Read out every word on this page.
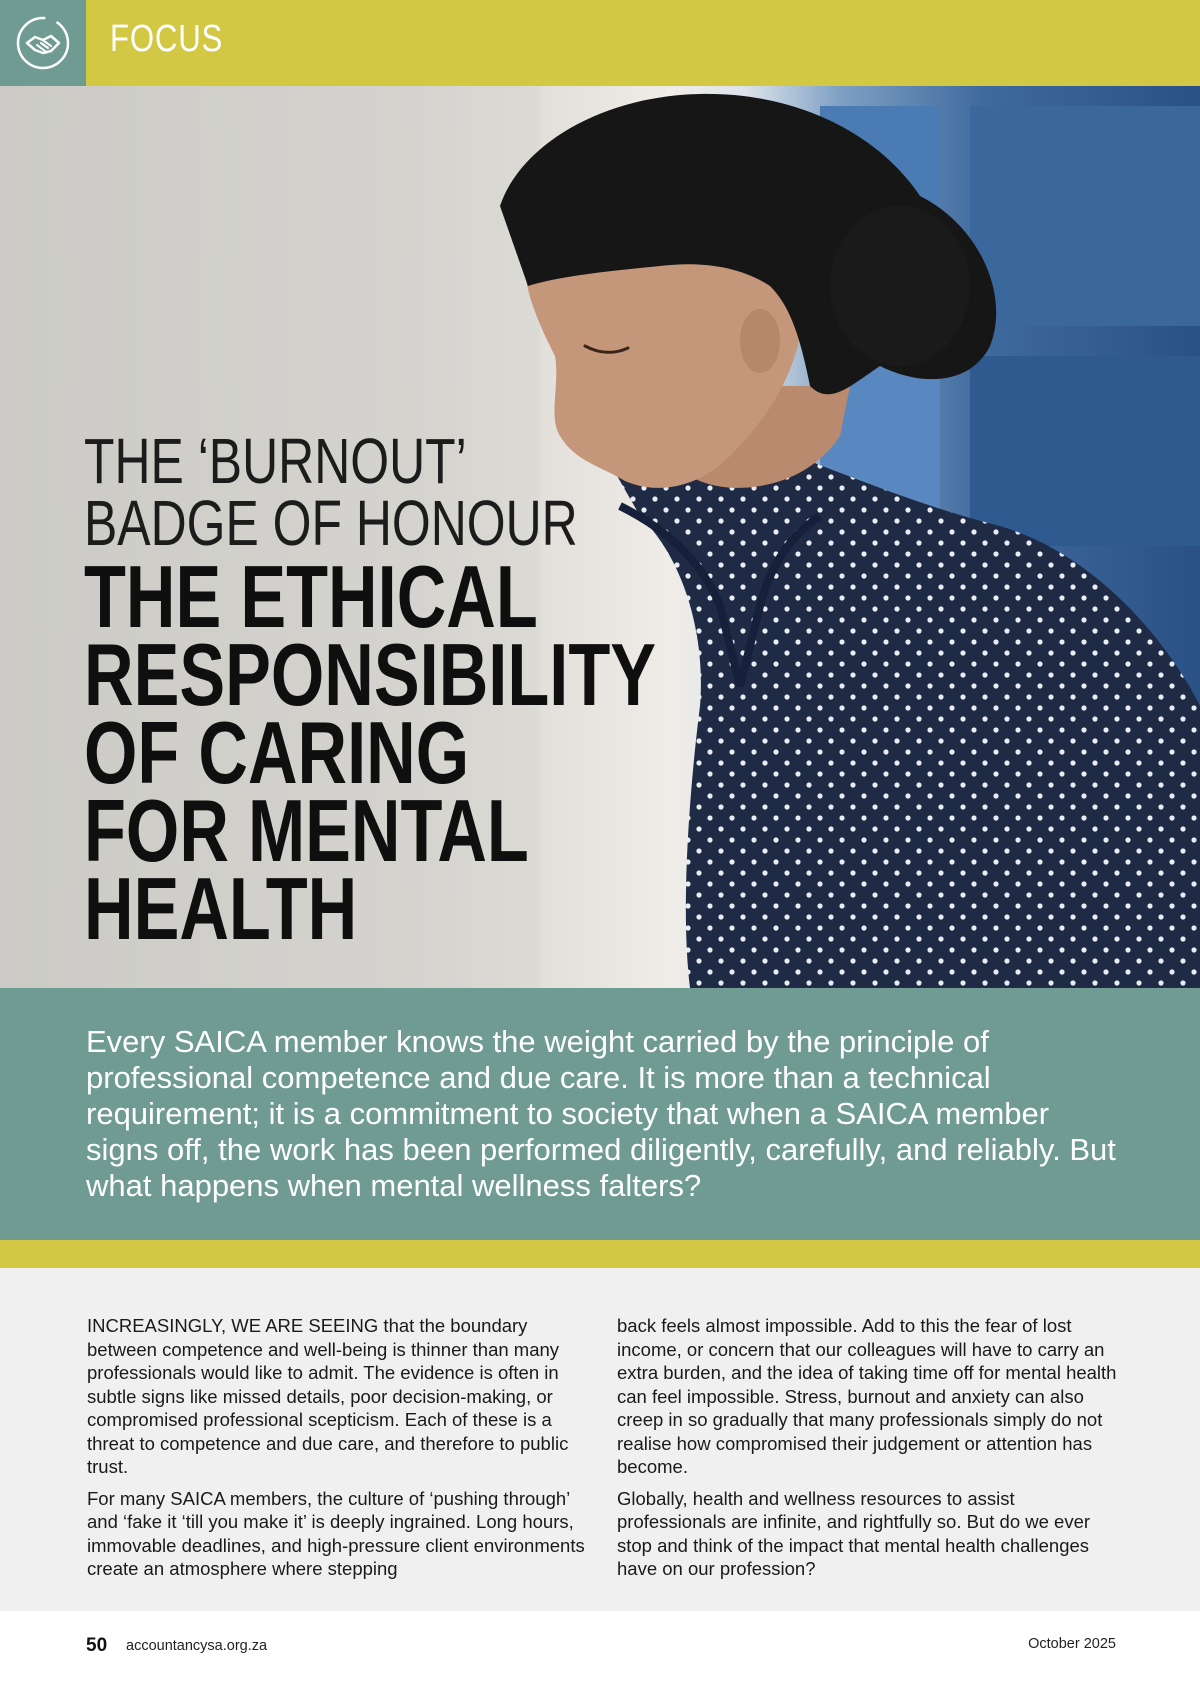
FOCUS
THE ‘BURNOUT’
BADGE OF HONOUR
THE ETHICAL
RESPONSIBILITY
OF CARING
FOR MENTAL
HEALTH

Every SAICA member knows the weight carried by the principle of professional competence and due care. It is more than a technical requirement; it is a commitment to society that when a SAICA member signs off, the work has been performed diligently, carefully, and reliably. But what happens when mental wellness falters?

INCREASINGLY, WE ARE SEEING that the boundary between competence and well-being is thinner than many professionals would like to admit. The evidence is often in subtle signs like missed details, poor decision-making, or compromised professional scepticism. Each of these is a threat to competence and due care, and therefore to public trust.

For many SAICA members, the culture of ‘pushing through’ and ‘fake it ‘till you make it’ is deeply ingrained. Long hours, immovable deadlines, and high-pressure client environments create an atmosphere where stepping

back feels almost impossible. Add to this the fear of lost income, or concern that our colleagues will have to carry an extra burden, and the idea of taking time off for mental health can feel impossible. Stress, burnout and anxiety can also creep in so gradually that many professionals simply do not realise how compromised their judgement or attention has become.

Globally, health and wellness resources to assist professionals are infinite, and rightfully so. But do we ever stop and think of the impact that mental health challenges have on our profession?

50 accountancysa.org.za	October 2025
